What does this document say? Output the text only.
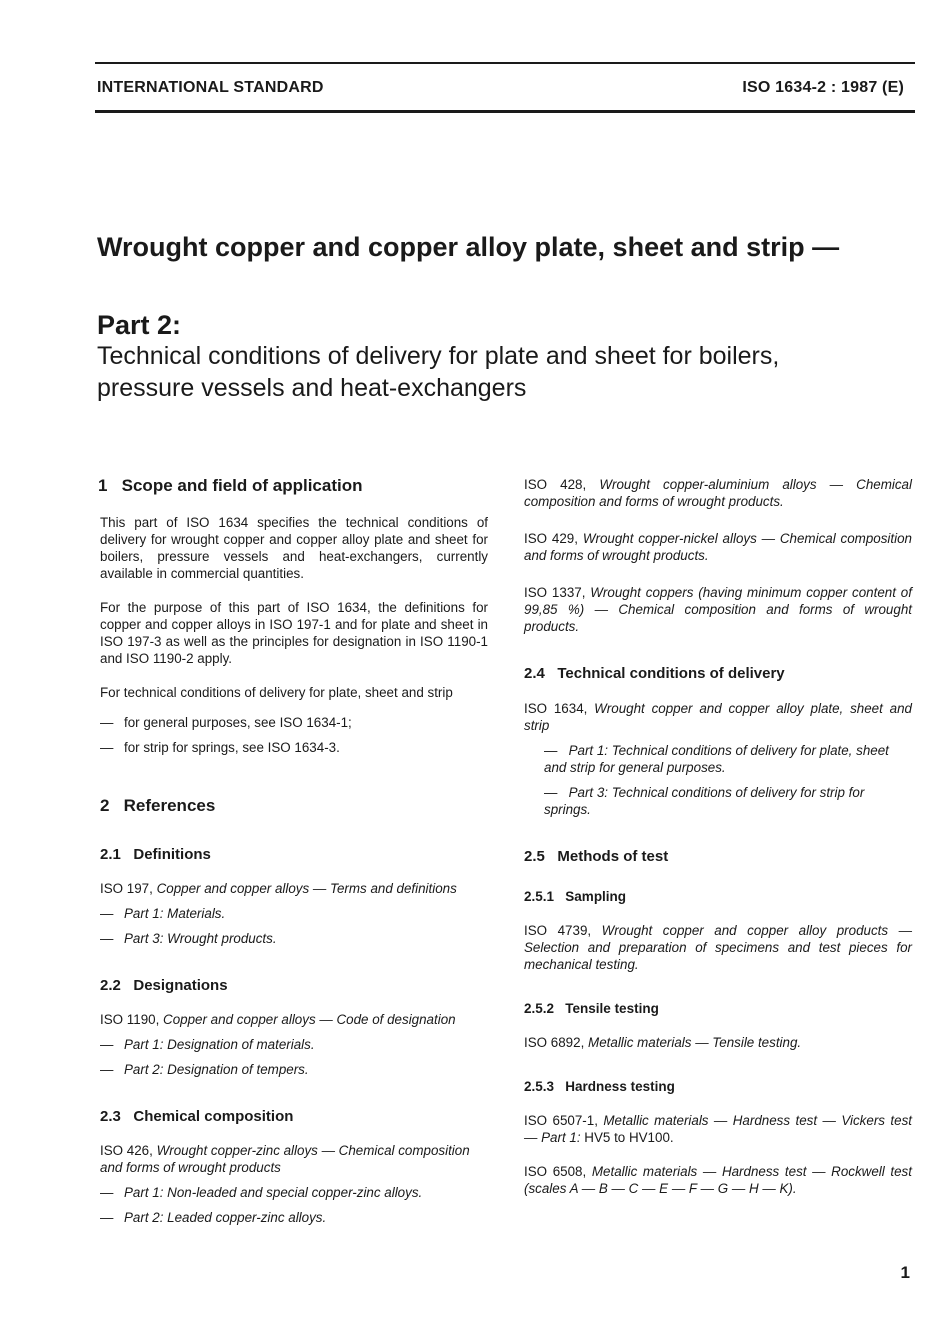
INTERNATIONAL STANDARD	ISO 1634-2 : 1987 (E)
Wrought copper and copper alloy plate, sheet and strip —
Part 2:
Technical conditions of delivery for plate and sheet for boilers, pressure vessels and heat-exchangers

1 Scope and field of application

This part of ISO 1634 specifies the technical conditions of delivery for wrought copper and copper alloy plate and sheet for boilers, pressure vessels and heat-exchangers, currently available in commercial quantities.

For the purpose of this part of ISO 1634, the definitions for copper and copper alloys in ISO 197-1 and for plate and sheet in ISO 197-3 as well as the principles for designation in ISO 1190-1 and ISO 1190-2 apply.

For technical conditions of delivery for plate, sheet and strip

— for general purposes, see ISO 1634-1;

— for strip for springs, see ISO 1634-3.

2 References

2.1 Definitions

ISO 197, Copper and copper alloys — Terms and definitions

— Part 1: Materials.

— Part 3: Wrought products.

2.2 Designations

ISO 1190, Copper and copper alloys — Code of designation

— Part 1: Designation of materials.

— Part 2: Designation of tempers.

2.3 Chemical composition

ISO 426, Wrought copper-zinc alloys — Chemical composition and forms of wrought products

— Part 1: Non-leaded and special copper-zinc alloys.

— Part 2: Leaded copper-zinc alloys.

ISO 428, Wrought copper-aluminium alloys — Chemical composition and forms of wrought products.

ISO 429, Wrought copper-nickel alloys — Chemical composition and forms of wrought products.

ISO 1337, Wrought coppers (having minimum copper content of 99,85 %) — Chemical composition and forms of wrought products.

2.4 Technical conditions of delivery

ISO 1634, Wrought copper and copper alloy plate, sheet and strip

—   Part 1: Technical conditions of delivery for plate, sheet and strip for general purposes.

—   Part 3: Technical conditions of delivery for strip for springs.

2.5 Methods of test

2.5.1 Sampling

ISO 4739, Wrought copper and copper alloy products — Selection and preparation of specimens and test pieces for mechanical testing.

2.5.2 Tensile testing

ISO 6892, Metallic materials — Tensile testing.

2.5.3 Hardness testing

ISO 6507-1, Metallic materials — Hardness test — Vickers test — Part 1: HV5 to HV100.

ISO 6508, Metallic materials — Hardness test — Rockwell test (scales A — B — C — E — F — G — H — K).

1
